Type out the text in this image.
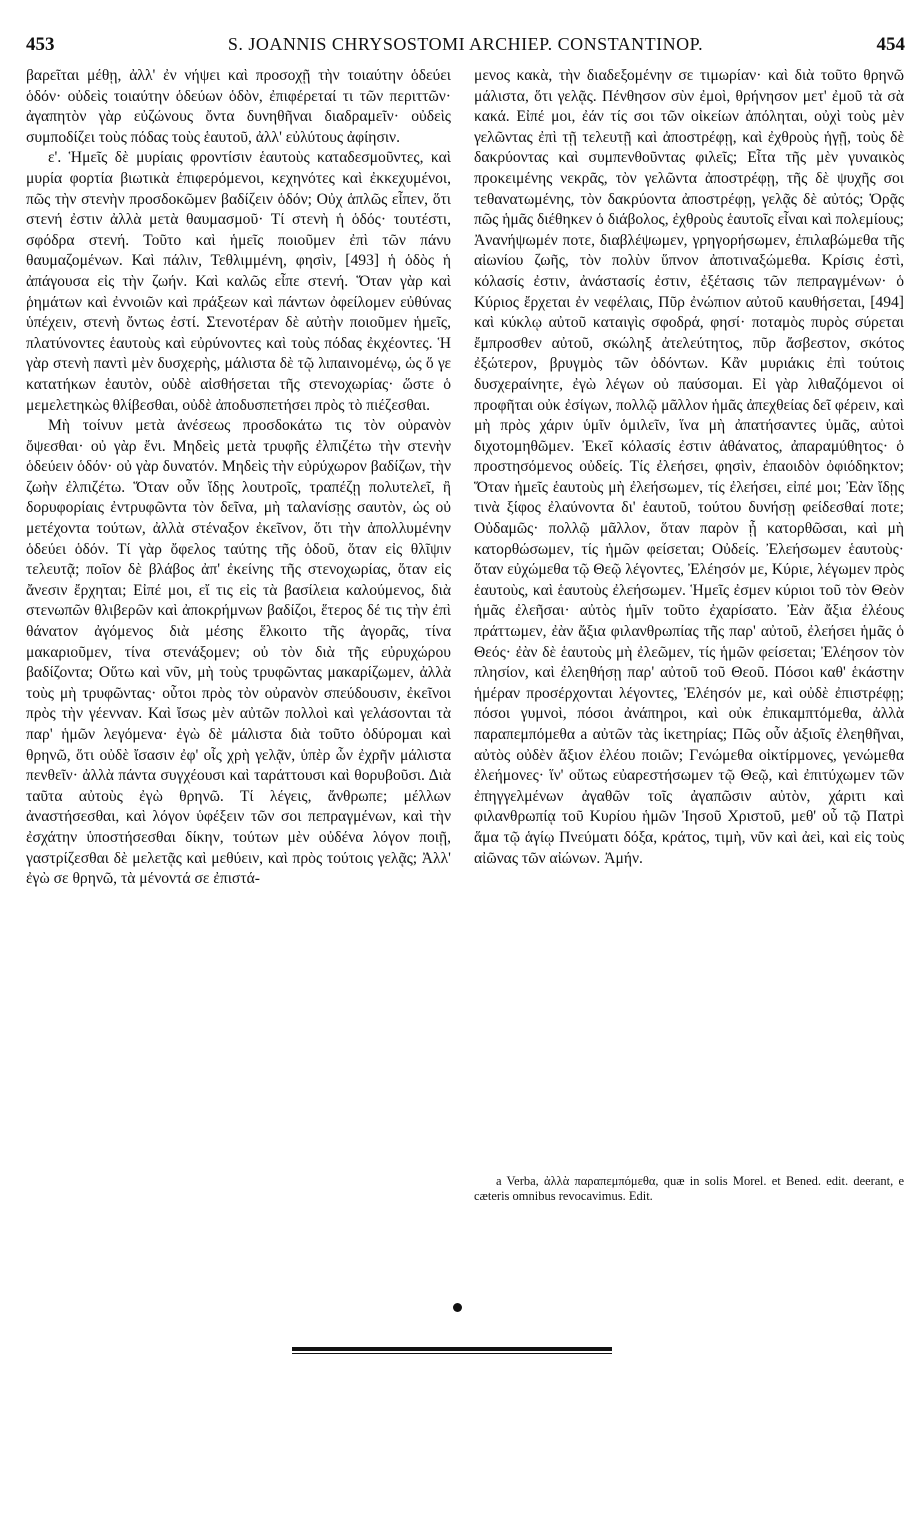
453	S. JOANNIS CHRYSOSTOMI ARCHIEP. CONSTANTINOP.	454

βαρεῖται μέθῃ, ἀλλ' ἐν νήψει καὶ προσοχῇ τὴν τοιαύτην ὁδεύει ὁδόν· οὐδεὶς τοιαύτην ὁδεύων ὁδὸν, ἐπιφέρεταί τι τῶν περιττῶν· ἀγαπητὸν γὰρ εὐζώνους ὄντα δυνηθῆναι διαδραμεῖν· οὐδεὶς συμποδίζει τοὺς πόδας τοὺς ἑαυτοῦ, ἀλλ' εὐλύτους ἀφίησιν.

ε'. Ἡμεῖς δὲ μυρίαις φροντίσιν ἑαυτοὺς καταδεσμοῦντες, καὶ μυρία φορτία βιωτικὰ ἐπιφερόμενοι, κεχηνότες καὶ ἐκκεχυμένοι, πῶς τὴν στενὴν προσδοκῶμεν βαδίζειν ὁδόν; Οὐχ ἁπλῶς εἶπεν, ὅτι στενή ἐστιν ἀλλὰ μετὰ θαυμασμοῦ· Τί στενὴ ἡ ὁδός· τουτέστι, σφόδρα στενή. Τοῦτο καὶ ἡμεῖς ποιοῦμεν ἐπὶ τῶν πάνυ θαυμαζομένων. Καὶ πάλιν, Τεθλιμμένη, φησὶν, [493] ἡ ὁδὸς ἡ ἀπάγουσα εἰς τὴν ζωήν. Καὶ καλῶς εἶπε στενή. Ὅταν γὰρ καὶ ῥημάτων καὶ ἐννοιῶν καὶ πράξεων καὶ πάντων ὀφείλομεν εὐθύνας ὑπέχειν, στενὴ ὄντως ἐστί. Στενοτέραν δὲ αὐτὴν ποιοῦμεν ἡμεῖς, πλατύνοντες ἑαυτοὺς καὶ εὐρύνοντες καὶ τοὺς πόδας ἐκχέοντες. Ἡ γὰρ στενὴ παντὶ μὲν δυσχερὴς, μάλιστα δὲ τῷ λιπαινομένῳ, ὡς ὅ γε κατατήκων ἑαυτὸν, οὐδὲ αἰσθήσεται τῆς στενοχωρίας· ὥστε ὁ μεμελετηκὼς θλίβεσθαι, οὐδὲ ἀποδυσπετήσει πρὸς τὸ πιέζεσθαι.

Μὴ τοίνυν μετὰ ἀνέσεως προσδοκάτω τις τὸν οὐρανὸν ὄψεσθαι· οὐ γὰρ ἔνι. Μηδεὶς μετὰ τρυφῆς ἐλπιζέτω τὴν στενὴν ὁδεύειν ὁδόν· οὐ γὰρ δυνατόν. Μηδεὶς τὴν εὐρύχωρον βαδίζων, τὴν ζωὴν ἐλπιζέτω. Ὅταν οὖν ἴδῃς λουτροῖς, τραπέζῃ πολυτελεῖ, ἢ δορυφορίαις ἐντρυφῶντα τὸν δεῖνα, μὴ ταλανίσῃς σαυτὸν, ὡς οὐ μετέχοντα τούτων, ἀλλὰ στέναξον ἐκεῖνον, ὅτι τὴν ἀπολλυμένην ὁδεύει ὁδόν. Τί γὰρ ὄφελος ταύτης τῆς ὁδοῦ, ὅταν εἰς θλῖψιν τελευτᾷ; ποῖον δὲ βλάβος ἀπ' ἐκείνης τῆς στενοχωρίας, ὅταν εἰς ἄνεσιν ἔρχηται; Εἰπέ μοι, εἴ τις εἰς τὰ βασίλεια καλούμενος, διὰ στενωπῶν θλιβερῶν καὶ ἀποκρήμνων βαδίζοι, ἕτερος δέ τις τὴν ἐπὶ θάνατον ἀγόμενος διὰ μέσης ἕλκοιτο τῆς ἀγορᾶς, τίνα μακαριοῦμεν, τίνα στενάξομεν; οὐ τὸν διὰ τῆς εὐρυχώρου βαδίζοντα; Οὕτω καὶ νῦν, μὴ τοὺς τρυφῶντας μακαρίζωμεν, ἀλλὰ τοὺς μὴ τρυφῶντας· οὗτοι πρὸς τὸν οὐρανὸν σπεύδουσιν, ἐκεῖνοι πρὸς τὴν γέενναν. Καὶ ἴσως μὲν αὐτῶν πολλοὶ καὶ γελάσονται τὰ παρ' ἡμῶν λεγόμενα· ἐγὼ δὲ μάλιστα διὰ τοῦτο ὀδύρομαι καὶ θρηνῶ, ὅτι οὐδὲ ἴσασιν ἐφ' οἷς χρὴ γελᾷν, ὑπὲρ ὧν ἐχρῆν μάλιστα πενθεῖν· ἀλλὰ πάντα συγχέουσι καὶ ταράττουσι καὶ θορυβοῦσι. Διὰ ταῦτα αὐτοὺς ἐγὼ θρηνῶ. Τί λέγεις, ἄνθρωπε; μέλλων ἀναστήσεσθαι, καὶ λόγον ὑφέξειν τῶν σοι πεπραγμένων, καὶ τὴν ἐσχάτην ὑποστήσεσθαι δίκην, τούτων μὲν οὐδένα λόγον ποιῇ, γαστρίζεσθαι δὲ μελετᾷς καὶ μεθύειν, καὶ πρὸς τούτοις γελᾷς; Ἀλλ' ἐγὼ σε θρηνῶ, τὰ μένοντά σε ἐπιστά-

μενος κακὰ, τὴν διαδεξομένην σε τιμωρίαν· καὶ διὰ τοῦτο θρηνῶ μάλιστα, ὅτι γελᾷς. Πένθησον σὺν ἐμοὶ, θρήνησον μετ' ἐμοῦ τὰ σὰ κακά. Εἰπέ μοι, ἐάν τίς σοι τῶν οἰκείων ἀπόληται, οὐχὶ τοὺς μὲν γελῶντας ἐπὶ τῇ τελευτῇ καὶ ἀποστρέφῃ, καὶ ἐχθροὺς ἡγῇ, τοὺς δὲ δακρύοντας καὶ συμπενθοῦντας φιλεῖς; Εἶτα τῆς μὲν γυναικὸς προκειμένης νεκρᾶς, τὸν γελῶντα ἀποστρέφῃ, τῆς δὲ ψυχῆς σοι τεθανατωμένης, τὸν δακρύοντα ἀποστρέφῃ, γελᾷς δὲ αὐτός; Ὁρᾷς πῶς ἡμᾶς διέθηκεν ὁ διάβολος, ἐχθροὺς ἑαυτοῖς εἶναι καὶ πολεμίους; Ἀνανήψωμέν ποτε, διαβλέψωμεν, γρηγορήσωμεν, ἐπιλαβώμεθα τῆς αἰωνίου ζωῆς, τὸν πολὺν ὕπνον ἀποτιναξώμεθα. Κρίσις ἐστὶ, κόλασίς ἐστιν, ἀνάστασίς ἐστιν, ἐξέτασις τῶν πεπραγμένων· ὁ Κύριος ἔρχεται ἐν νεφέλαις, Πῦρ ἐνώπιον αὐτοῦ καυθήσεται, [494] καὶ κύκλῳ αὐτοῦ καταιγὶς σφοδρά, φησί· ποταμὸς πυρὸς σύρεται ἔμπροσθεν αὐτοῦ, σκώληξ ἀτελεύτητος, πῦρ ἄσβεστον, σκότος ἐξώτερον, βρυγμὸς τῶν ὀδόντων. Κἂν μυριάκις ἐπὶ τούτοις δυσχεραίνητε, ἐγὼ λέγων οὐ παύσομαι. Εἰ γὰρ λιθαζόμενοι οἱ προφῆται οὐκ ἐσίγων, πολλῷ μᾶλλον ἡμᾶς ἀπεχθείας δεῖ φέρειν, καὶ μὴ πρὸς χάριν ὑμῖν ὁμιλεῖν, ἵνα μὴ ἀπατήσαντες ὑμᾶς, αὐτοὶ διχοτομηθῶμεν. Ἐκεῖ κόλασίς ἐστιν ἀθάνατος, ἀπαραμύθητος· ὁ προστησόμενος οὐδείς. Τίς ἐλεήσει, φησὶν, ἐπαοιδὸν ὀφιόδηκτον; Ὅταν ἡμεῖς ἑαυτοὺς μὴ ἐλεήσωμεν, τίς ἐλεήσει, εἰπέ μοι; Ἐὰν ἴδῃς τινὰ ξίφος ἐλαύνοντα δι' ἑαυτοῦ, τούτου δυνήσῃ φείδεσθαί ποτε; Οὐδαμῶς· πολλῷ μᾶλλον, ὅταν παρὸν ᾖ κατορθῶσαι, καὶ μὴ κατορθώσωμεν, τίς ἡμῶν φείσεται; Οὐδείς. Ἐλεήσωμεν ἑαυτοὺς· ὅταν εὐχώμεθα τῷ Θεῷ λέγοντες, Ἐλέησόν με, Κύριε, λέγωμεν πρὸς ἑαυτοὺς, καὶ ἑαυτοὺς ἐλεήσωμεν. Ἡμεῖς ἐσμεν κύριοι τοῦ τὸν Θεὸν ἡμᾶς ἐλεῆσαι· αὐτὸς ἡμῖν τοῦτο ἐχαρίσατο. Ἐὰν ἄξια ἐλέους πράττωμεν, ἐὰν ἄξια φιλανθρωπίας τῆς παρ' αὐτοῦ, ἐλεήσει ἡμᾶς ὁ Θεός· ἐὰν δὲ ἑαυτοὺς μὴ ἐλεῶμεν, τίς ἡμῶν φείσεται; Ἐλέησον τὸν πλησίον, καὶ ἐλεηθήσῃ παρ' αὐτοῦ τοῦ Θεοῦ. Πόσοι καθ' ἑκάστην ἡμέραν προσέρχονται λέγοντες, Ἐλέησόν με, καὶ οὐδὲ ἐπιστρέφῃ; πόσοι γυμνοὶ, πόσοι ἀνάπηροι, καὶ οὐκ ἐπικαμπτόμεθα, ἀλλὰ παραπεμπόμεθα a αὐτῶν τὰς ἱκετηρίας; Πῶς οὖν ἀξιοῖς ἐλεηθῆναι, αὐτὸς οὐδὲν ἄξιον ἐλέου ποιῶν; Γενώμεθα οἰκτίρμονες, γενώμεθα ἐλεήμονες· ἵν' οὕτως εὐαρεστήσωμεν τῷ Θεῷ, καὶ ἐπιτύχωμεν τῶν ἐπηγγελμένων ἀγαθῶν τοῖς ἀγαπῶσιν αὐτὸν, χάριτι καὶ φιλανθρωπίᾳ τοῦ Κυρίου ἡμῶν Ἰησοῦ Χριστοῦ, μεθ' οὗ τῷ Πατρὶ ἅμα τῷ ἁγίῳ Πνεύματι δόξα, κράτος, τιμὴ, νῦν καὶ ἀεὶ, καὶ εἰς τοὺς αἰῶνας τῶν αἰώνων. Ἀμήν.

a Verba, ἀλλὰ παραπεμπόμεθα, quæ in solis Morel. et Bened. edit. deerant, e cæteris omnibus revocavimus. Edit.
